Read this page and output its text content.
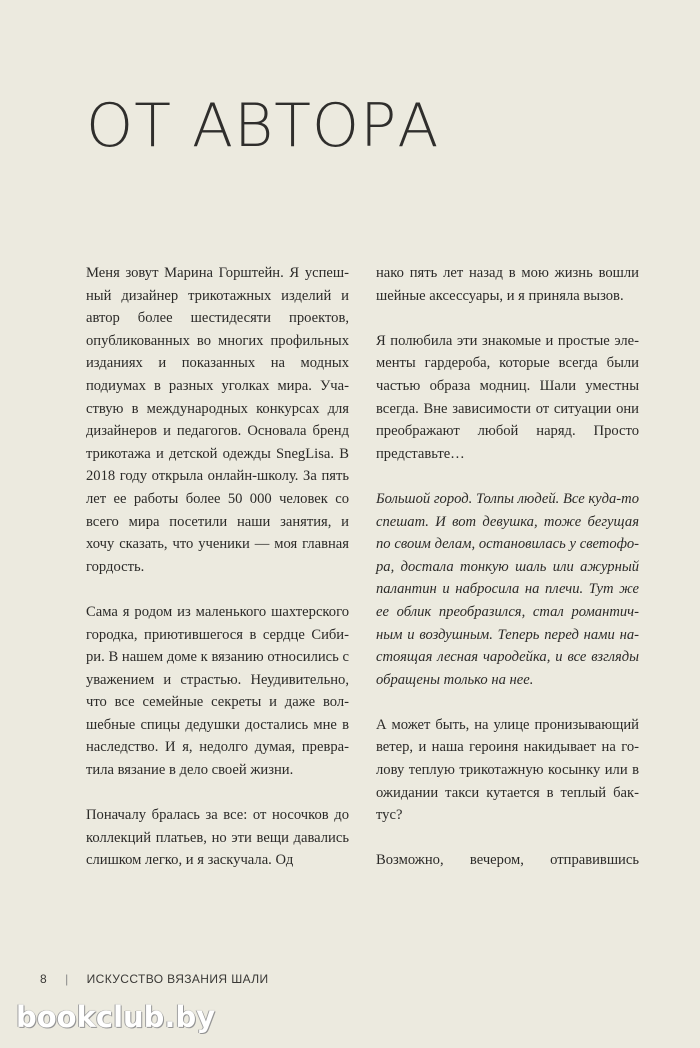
ОТ АВТОРА

Меня зовут Марина Горштейн. Я успешный дизайнер трикотажных изделий и автор более шестидесяти проектов, опубликованных во многих профильных изданиях и показанных на модных подиумах в разных уголках мира. Участвую в международных конкурсах для дизайнеров и педагогов. Основала бренд трикотажа и детской одежды SnegLisa. В 2018 году открыла онлайн-школу. За пять лет ее работы более 50 000 человек со всего мира посетили наши занятия, и хочу сказать, что ученики — моя главная гордость.

Сама я родом из маленького шахтерского городка, приютившегося в сердце Сибири. В нашем доме к вязанию относились с уважением и страстью. Неудивительно, что все семейные секреты и даже волшебные спицы дедушки достались мне в наследство. И я, недолго думая, превратила вязание в дело своей жизни.

Поначалу бралась за все: от носочков до коллекций платьев, но эти вещи давались слишком легко, и я заскучала. Од

нако пять лет назад в мою жизнь вошли шейные аксессуары, и я приняла вызов.

Я полюбила эти знакомые и простые элементы гардероба, которые всегда были частью образа модниц. Шали уместны всегда. Вне зависимости от ситуации они преображают любой наряд. Просто представьте…

Большой город. Толпы людей. Все куда-то спешат. И вот девушка, тоже бегущая по своим делам, остановилась у светофора, достала тонкую шаль или ажурный палантин и набросила на плечи. Тут же ее облик преобразился, стал романтичным и воздушным. Теперь перед нами настоящая лесная чародейка, и все взгляды обращены только на нее.

А может быть, на улице пронизывающий ветер, и наша героиня накидывает на голову теплую трикотажную косынку или в ожидании такси кутается в теплый бактус?

Возможно, вечером, отправившись

8 | ИСКУССТВО ВЯЗАНИЯ ШАЛИ
bookclub.by
